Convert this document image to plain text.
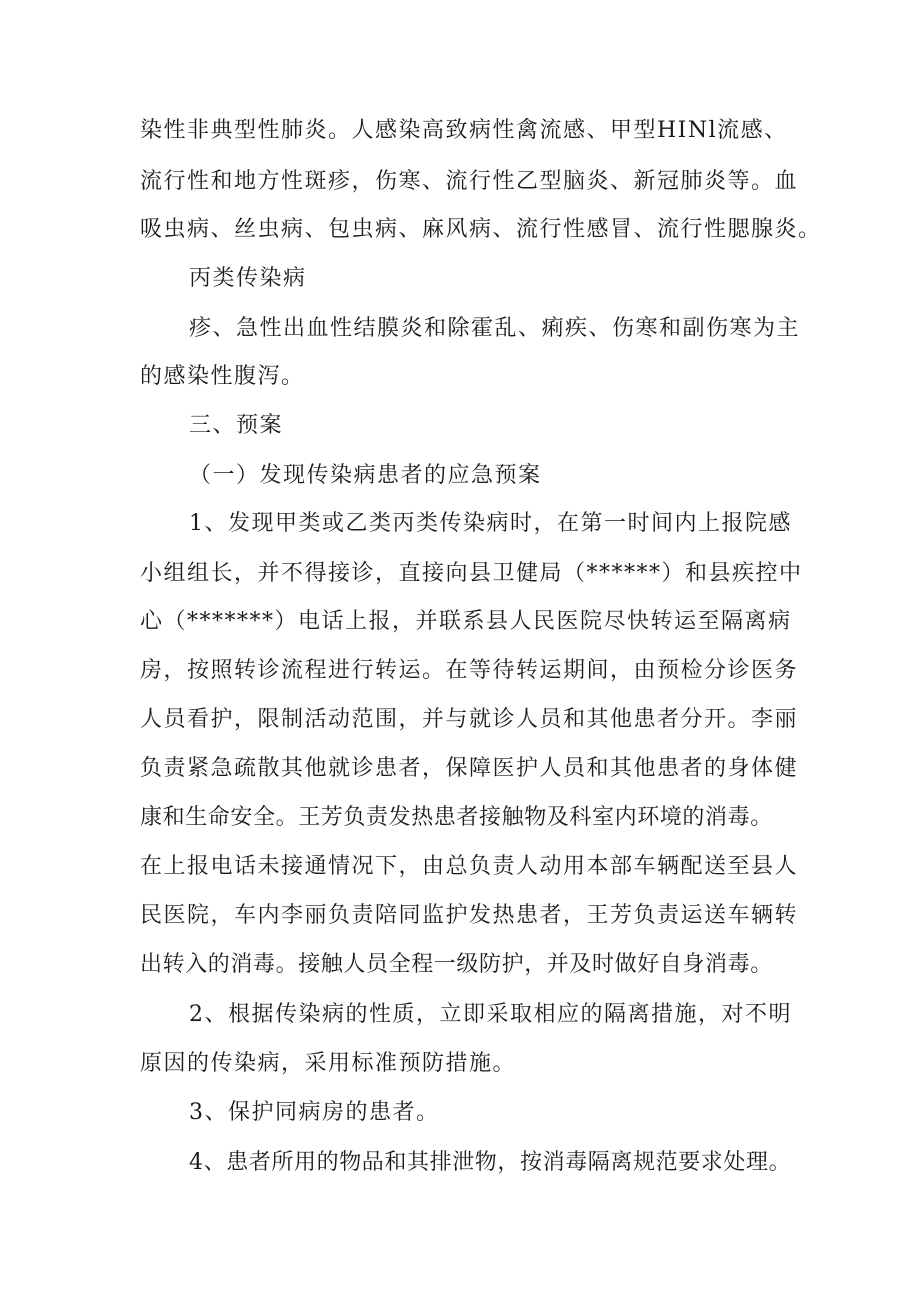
染性非典型性肺炎。人感染高致病性禽流感、甲型HINl流感、
流行性和地方性斑疹，伤寒、流行性乙型脑炎、新冠肺炎等。血
吸虫病、丝虫病、包虫病、麻风病、流行性感冒、流行性腮腺炎。
丙类传染病
疹、急性出血性结膜炎和除霍乱、痢疾、伤寒和副伤寒为主
的感染性腹泻。
三、预案
（一）发现传染病患者的应急预案
1、发现甲类或乙类丙类传染病时，在第一时间内上报院感
小组组长，并不得接诊，直接向县卫健局（******）和县疾控中
心（*******）电话上报，并联系县人民医院尽快转运至隔离病
房，按照转诊流程进行转运。在等待转运期间，由预检分诊医务
人员看护，限制活动范围，并与就诊人员和其他患者分开。李丽
负责紧急疏散其他就诊患者，保障医护人员和其他患者的身体健
康和生命安全。王芳负责发热患者接触物及科室内环境的消毒。
在上报电话未接通情况下，由总负责人动用本部车辆配送至县人
民医院，车内李丽负责陪同监护发热患者，王芳负责运送车辆转
出转入的消毒。接触人员全程一级防护，并及时做好自身消毒。
2、根据传染病的性质，立即采取相应的隔离措施，对不明
原因的传染病，采用标准预防措施。
3、保护同病房的患者。
4、患者所用的物品和其排泄物，按消毒隔离规范要求处理。
